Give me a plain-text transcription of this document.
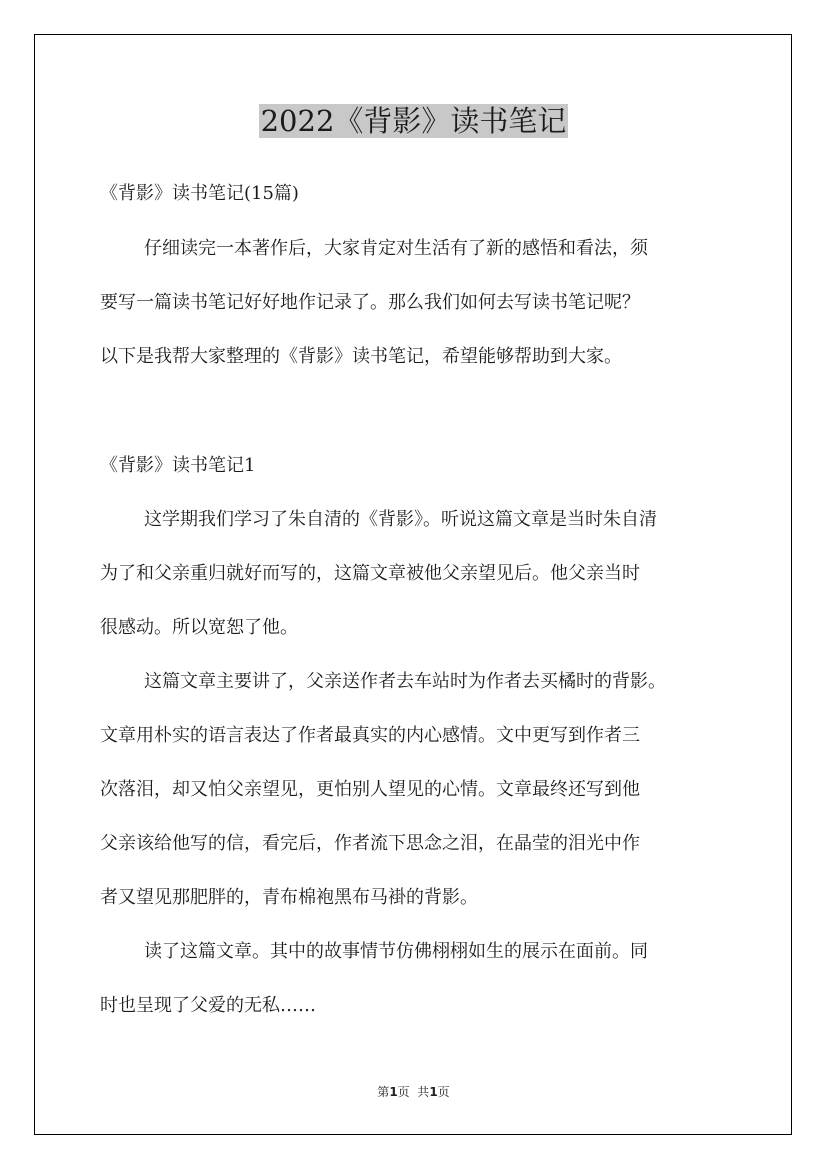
2022《背影》读书笔记

《背影》读书笔记(15篇)

仔细读完一本著作后，大家肯定对生活有了新的感悟和看法，须

要写一篇读书笔记好好地作记录了。那么我们如何去写读书笔记呢？

以下是我帮大家整理的《背影》读书笔记，希望能够帮助到大家。

《背影》读书笔记1

这学期我们学习了朱自清的《背影》。听说这篇文章是当时朱自清

为了和父亲重归就好而写的，这篇文章被他父亲望见后。他父亲当时

很感动。所以宽恕了他。

这篇文章主要讲了，父亲送作者去车站时为作者去买橘时的背影。

文章用朴实的语言表达了作者最真实的内心感情。文中更写到作者三

次落泪，却又怕父亲望见，更怕别人望见的心情。文章最终还写到他

父亲该给他写的信，看完后，作者流下思念之泪，在晶莹的泪光中作

者又望见那肥胖的，青布棉袍黑布马褂的背影。

读了这篇文章。其中的故事情节仿佛栩栩如生的展示在面前。同

时也呈现了父爱的无私……

第1页  共1页
